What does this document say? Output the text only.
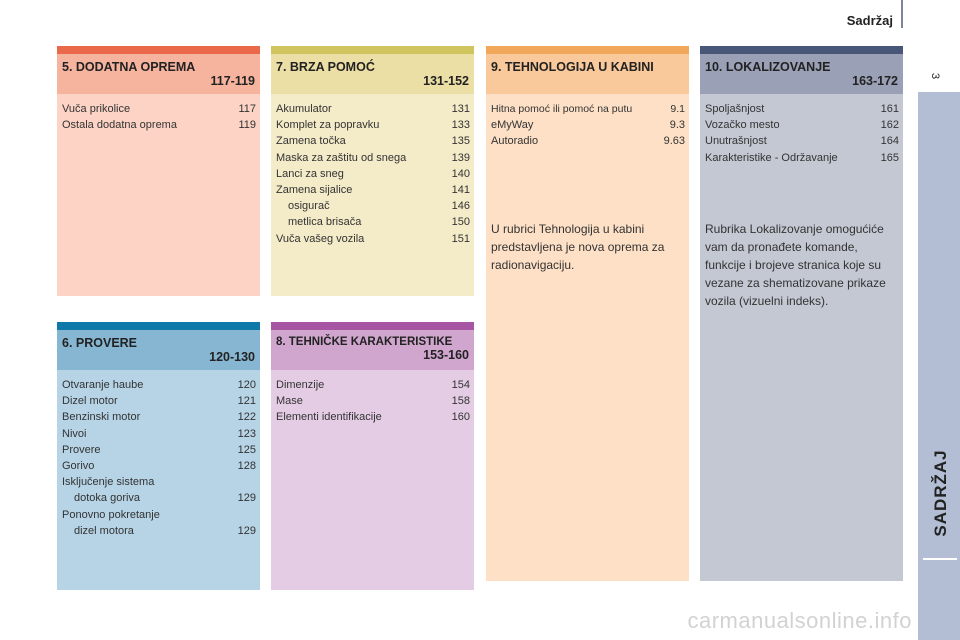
Sadržaj
3
SADRŽAJ
5. DODATNA OPREMA
117-119
Vuča prikolice	117
Ostala dodatna oprema	119
7. BRZA POMOĆ
131-152
Akumulator	131
Komplet za popravku	133
Zamena točka	135
Maska za zaštitu od snega	139
Lanci za sneg	140
Zamena sijalice	141
osigurač	146
metlica brisača	150
Vuča vašeg vozila	151
9. TEHNOLOGIJA U KABINI
Hitna pomoć ili pomoć na putu	9.1
eMyWay	9.3
Autoradio	9.63

U rubrici Tehnologija u kabini predstavljena je nova oprema za radionavigaciju.

10. LOKALIZOVANJE
163-172
Spoljašnjost	161
Vozačko mesto	162
Unutrašnjost	164
Karakteristike - Održavanje	165

Rubrika Lokalizovanje omogućiće vam da pronađete komande, funkcije i brojeve stranica koje su vezane za shematizovane prikaze vozila (vizuelni indeks).

6. PROVERE
120-130
Otvaranje haube	120
Dizel motor	121
Benzinski motor	122
Nivoi	123
Provere	125
Gorivo	128
Isključenje sistema
dotoka goriva	129
Ponovno pokretanje
dizel motora	129
8. TEHNIČKE KARAKTERISTIKE
153-160
Dimenzije	154
Mase	158
Elementi identifikacije	160
carmanualsonline.info
